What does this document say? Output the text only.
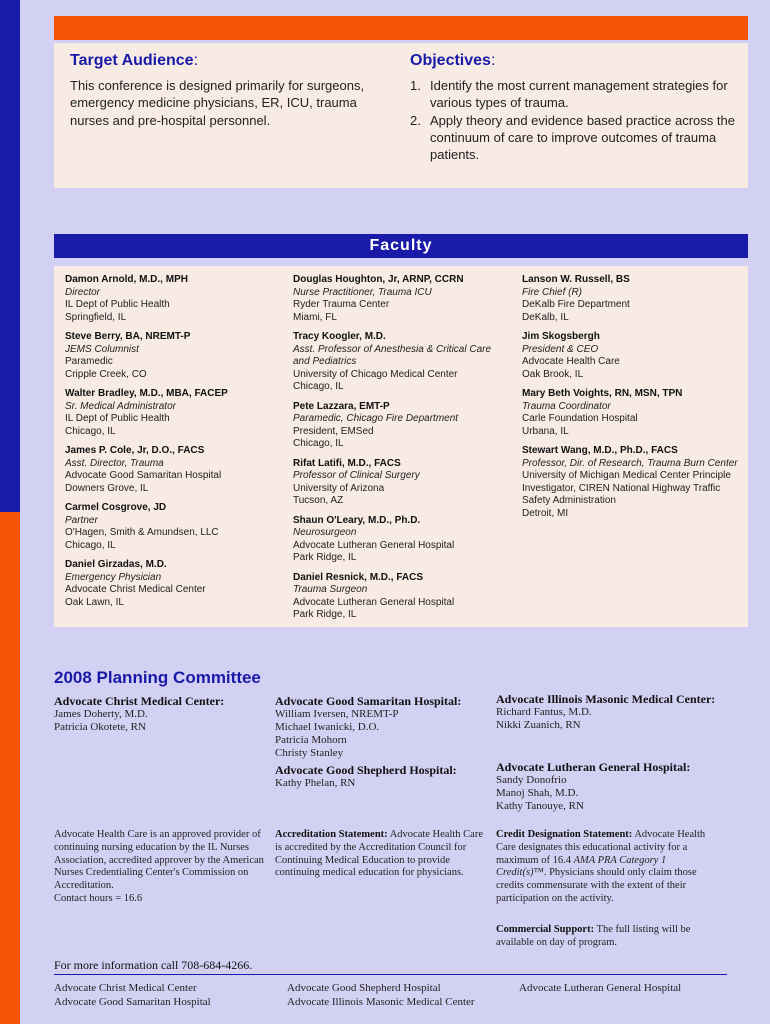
Target Audience:

This conference is designed primarily for surgeons, emergency medicine physicians, ER, ICU, trauma nurses and pre-hospital personnel.

Objectives:
1. Identify the most current management strategies for various types of trauma.
2. Apply theory and evidence based practice across the continuum of care to improve outcomes of trauma patients.
Faculty
Damon Arnold, M.D., MPH
Director
IL Dept of Public Health
Springfield, IL
Steve Berry, BA, NREMT-P
JEMS Columnist
Paramedic
Cripple Creek, CO
Walter Bradley, M.D., MBA, FACEP
Sr. Medical Administrator
IL Dept of Public Health
Chicago, IL
James P. Cole, Jr, D.O., FACS
Asst. Director, Trauma
Advocate Good Samaritan Hospital
Downers Grove, IL
Carmel Cosgrove, JD
Partner
O'Hagen, Smith & Amundsen, LLC
Chicago, IL
Daniel Girzadas, M.D.
Emergency Physician
Advocate Christ Medical Center
Oak Lawn, IL
Douglas Houghton, Jr, ARNP, CCRN
Nurse Practitioner, Trauma ICU
Ryder Trauma Center
Miami, FL
Tracy Koogler, M.D.
Asst. Professor of Anesthesia & Critical Care and Pediatrics
University of Chicago Medical Center
Chicago, IL
Pete Lazzara, EMT-P
Paramedic, Chicago Fire Department
President, EMSed
Chicago, IL
Rifat Latifi, M.D., FACS
Professor of Clinical Surgery
University of Arizona
Tucson, AZ
Shaun O'Leary, M.D., Ph.D.
Neurosurgeon
Advocate Lutheran General Hospital
Park Ridge, IL
Daniel Resnick, M.D., FACS
Trauma Surgeon
Advocate Lutheran General Hospital
Park Ridge, IL
Lanson W. Russell, BS
Fire Chief (R)
DeKalb Fire Department
DeKalb, IL
Jim Skogsbergh
President & CEO
Advocate Health Care
Oak Brook, IL
Mary Beth Voights, RN, MSN, TPN
Trauma Coordinator
Carle Foundation Hospital
Urbana, IL
Stewart Wang, M.D., Ph.D., FACS
Professor, Dir. of Research, Trauma Burn Center
University of Michigan Medical Center Principle Investigator, CIREN National Highway Traffic Safety Administration
Detroit, MI
2008 Planning Committee
Advocate Christ Medical Center:
James Doherty, M.D.
Patricia Okotete, RN
Advocate Good Samaritan Hospital:
William Iversen, NREMT-P
Michael Iwanicki, D.O.
Patricia Mohorn
Christy Stanley
Advocate Good Shepherd Hospital:
Kathy Phelan, RN
Advocate Illinois Masonic Medical Center:
Richard Fantus, M.D.
Nikki Zuanich, RN
Advocate Lutheran General Hospital:
Sandy Donofrio
Manoj Shah, M.D.
Kathy Tanouye, RN
Advocate Health Care is an approved provider of continuing nursing education by the IL Nurses Association, accredited approver by the American Nurses Credentialing Center's Commission on Accreditation.
Contact hours = 16.6
Accreditation Statement: Advocate Health Care is accredited by the Accreditation Council for Continuing Medical Education to provide continuing medical education for physicians.
Credit Designation Statement: Advocate Health Care designates this educational activity for a maximum of 16.4 AMA PRA Category 1 Credit(s)™. Physicians should only claim those credits commensurate with the extent of their participation on the activity.
Commercial Support: The full listing will be available on day of program.
For more information call 708-684-4266.
Advocate Christ Medical Center
Advocate Good Samaritan Hospital
Advocate Good Shepherd Hospital
Advocate Illinois Masonic Medical Center
Advocate Lutheran General Hospital
